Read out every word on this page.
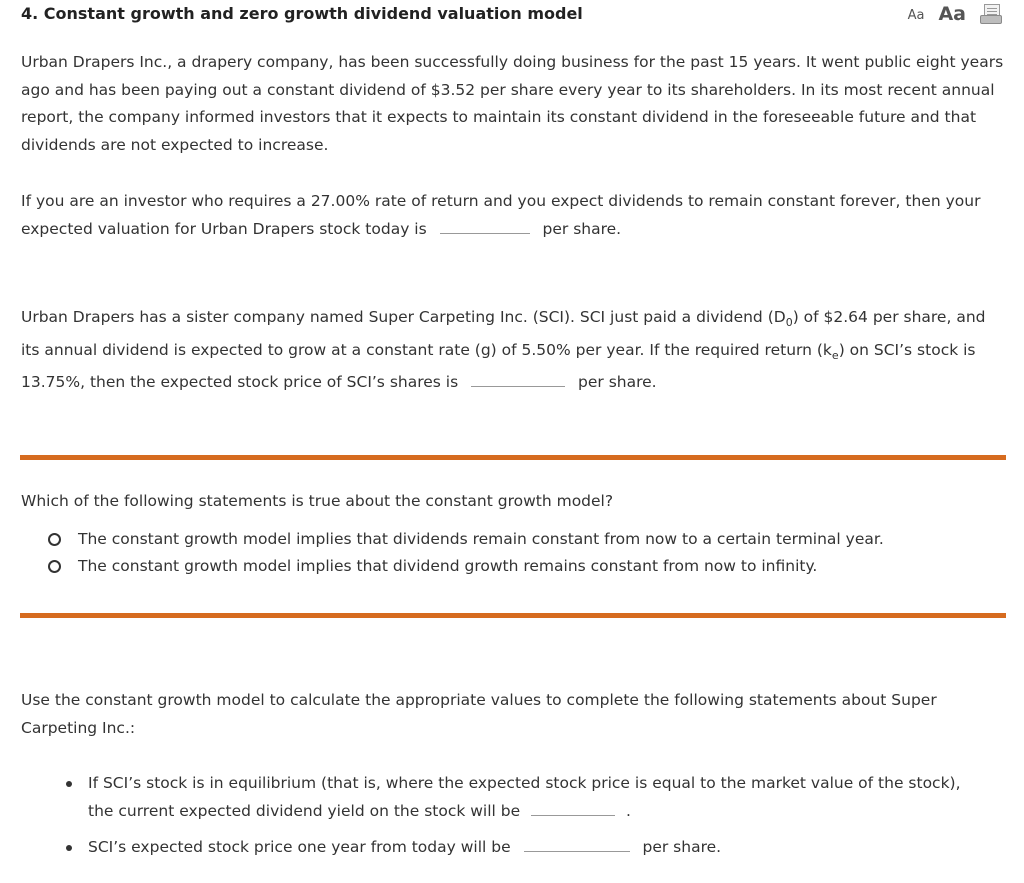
4. Constant growth and zero growth dividend valuation model	Aa Aa
Urban Drapers Inc., a drapery company, has been successfully doing business for the past 15 years. It went public eight years ago and has been paying out a constant dividend of $3.52 per share every year to its shareholders. In its most recent annual report, the company informed investors that it expects to maintain its constant dividend in the foreseeable future and that dividends are not expected to increase.
If you are an investor who requires a 27.00% rate of return and you expect dividends to remain constant forever, then your expected valuation for Urban Drapers stock today is	per share.
Urban Drapers has a sister company named Super Carpeting Inc. (SCI). SCI just paid a dividend $(D_0)$ of $2.64 per share, and its annual dividend is expected to grow at a constant rate (g) of 5.50% per year. If the required return $(k_e)$ on SCI’s stock is 13.75%, then the expected stock price of SCI’s shares is	per share.
Which of the following statements is true about the constant growth model?
The constant growth model implies that dividends remain constant from now to a certain terminal year.
The constant growth model implies that dividend growth remains constant from now to infinity.
Use the constant growth model to calculate the appropriate values to complete the following statements about Super Carpeting Inc.:
If SCI’s stock is in equilibrium (that is, where the expected stock price is equal to the market value of the stock), the current expected dividend yield on the stock will be	.
SCI’s expected stock price one year from today will be	per share.
